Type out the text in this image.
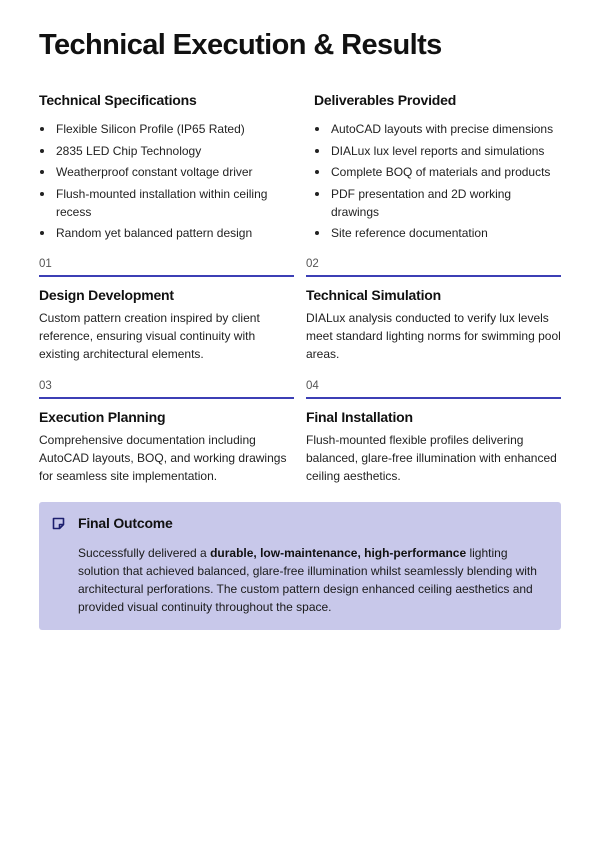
Technical Execution & Results
Technical Specifications
Flexible Silicon Profile (IP65 Rated)
2835 LED Chip Technology
Weatherproof constant voltage driver
Flush-mounted installation within ceiling recess
Random yet balanced pattern design
Deliverables Provided
AutoCAD layouts with precise dimensions
DIALux lux level reports and simulations
Complete BOQ of materials and products
PDF presentation and 2D working drawings
Site reference documentation
01
Design Development
Custom pattern creation inspired by client reference, ensuring visual continuity with existing architectural elements.
02
Technical Simulation
DIALux analysis conducted to verify lux levels meet standard lighting norms for swimming pool areas.
03
Execution Planning
Comprehensive documentation including AutoCAD layouts, BOQ, and working drawings for seamless site implementation.
04
Final Installation
Flush-mounted flexible profiles delivering balanced, glare-free illumination with enhanced ceiling aesthetics.
Final Outcome
Successfully delivered a durable, low-maintenance, high-performance lighting solution that achieved balanced, glare-free illumination whilst seamlessly blending with architectural perforations. The custom pattern design enhanced ceiling aesthetics and provided visual continuity throughout the space.
